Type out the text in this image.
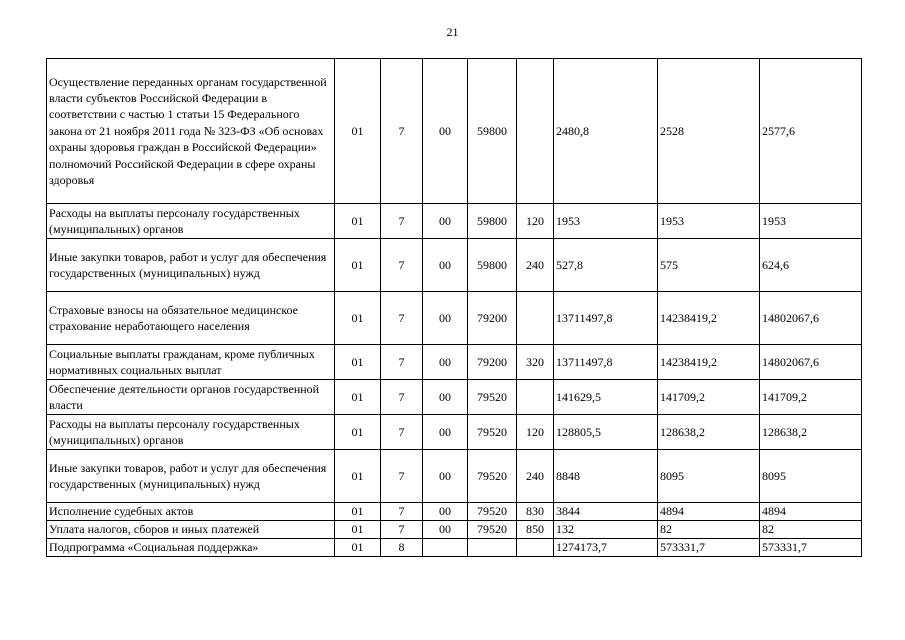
21
Осуществление переданных органам государственной власти субъектов Российской Федерации в соответствии с частью 1 статьи 15 Федерального закона от 21 ноября 2011 года № 323-ФЗ «Об основах охраны здоровья граждан в Российской Федерации» полномочий Российской Федерации в сфере охраны здоровья	01	7	00	59800		2480,8	2528	2577,6
Расходы на выплаты персоналу государственных (муниципальных) органов	01	7	00	59800	120	1953	1953	1953
Иные закупки товаров, работ и услуг для обеспечения государственных (муниципальных) нужд	01	7	00	59800	240	527,8	575	624,6
Страховые взносы на обязательное медицинское страхование неработающего населения	01	7	00	79200		13711497,8	14238419,2	14802067,6
Социальные выплаты гражданам, кроме публичных нормативных социальных выплат	01	7	00	79200	320	13711497,8	14238419,2	14802067,6
Обеспечение деятельности органов государственной власти	01	7	00	79520		141629,5	141709,2	141709,2
Расходы на выплаты персоналу государственных (муниципальных) органов	01	7	00	79520	120	128805,5	128638,2	128638,2
Иные закупки товаров, работ и услуг для обеспечения государственных (муниципальных) нужд	01	7	00	79520	240	8848	8095	8095
Исполнение судебных актов	01	7	00	79520	830	3844	4894	4894
Уплата налогов, сборов и иных платежей	01	7	00	79520	850	132	82	82
Подпрограмма «Социальная поддержка»	01	8				1274173,7	573331,7	573331,7
